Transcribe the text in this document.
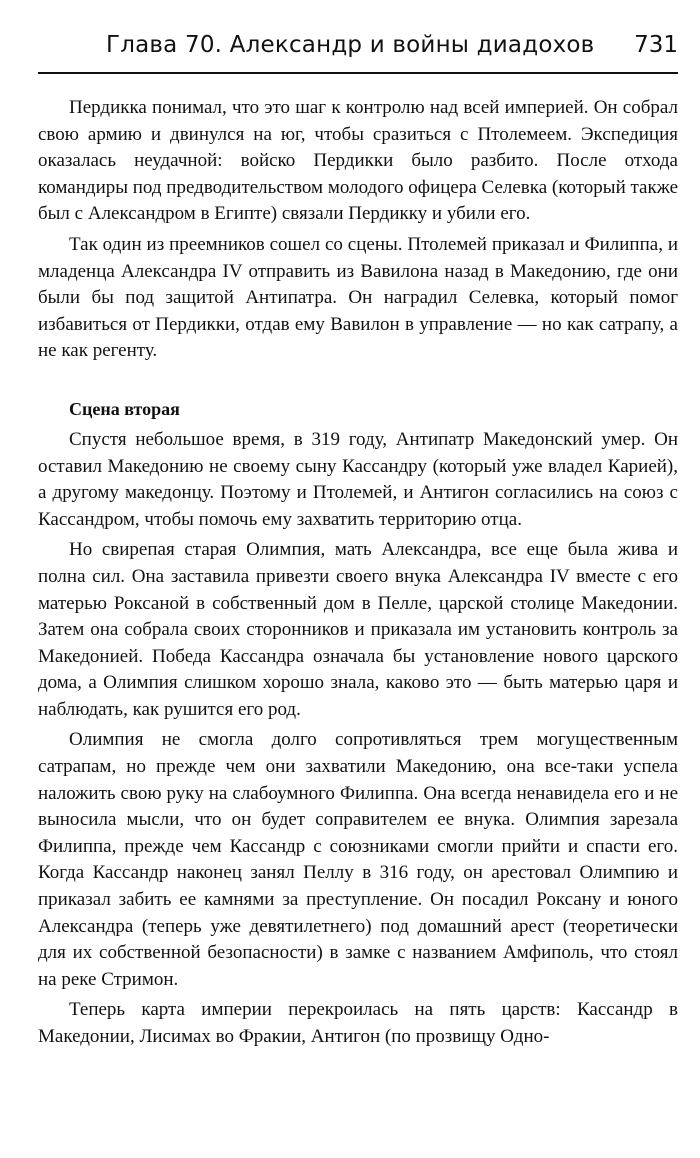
Глава 70. Александр и войны диадохов 731

Пердикка понимал, что это шаг к контролю над всей империей. Он собрал свою армию и двинулся на юг, чтобы сразиться с Птолемеем. Экспедиция оказалась неудачной: войско Пердикки было разбито. После отхода командиры под предводительством молодого офицера Селевка (который также был с Александром в Египте) связали Пердикку и убили его.

Так один из преемников сошел со сцены. Птолемей приказал и Филиппа, и младенца Александра IV отправить из Вавилона назад в Македонию, где они были бы под защитой Антипатра. Он наградил Селевка, который помог избавиться от Пердикки, отдав ему Вавилон в управление — но как сатрапу, а не как регенту.

Сцена вторая

Спустя небольшое время, в 319 году, Антипатр Македонский умер. Он оставил Македонию не своему сыну Кассандру (который уже владел Карией), а другому македонцу. Поэтому и Птолемей, и Антигон согласились на союз с Кассандром, чтобы помочь ему захватить территорию отца.

Но свирепая старая Олимпия, мать Александра, все еще была жива и полна сил. Она заставила привезти своего внука Александра IV вместе с его матерью Роксаной в собственный дом в Пелле, царской столице Македонии. Затем она собрала своих сторонников и приказала им установить контроль за Македонией. Победа Кассандра означала бы установление нового царского дома, а Олимпия слишком хорошо знала, каково это — быть матерью царя и наблюдать, как рушится его род.

Олимпия не смогла долго сопротивляться трем могущественным сатрапам, но прежде чем они захватили Македонию, она все-таки успела наложить свою руку на слабоумного Филиппа. Она всегда ненавидела его и не выносила мысли, что он будет соправителем ее внука. Олимпия зарезала Филиппа, прежде чем Кассандр с союзниками смогли прийти и спасти его. Когда Кассандр наконец занял Пеллу в 316 году, он арестовал Олимпию и приказал забить ее камнями за преступление. Он посадил Роксану и юного Александра (теперь уже девятилетнего) под домашний арест (теоретически для их собственной безопасности) в замке с названием Амфиполь, что стоял на реке Стримон.

Теперь карта империи перекроилась на пять царств: Кассандр в Македонии, Лисимах во Фракии, Антигон (по прозвищу Одно-
